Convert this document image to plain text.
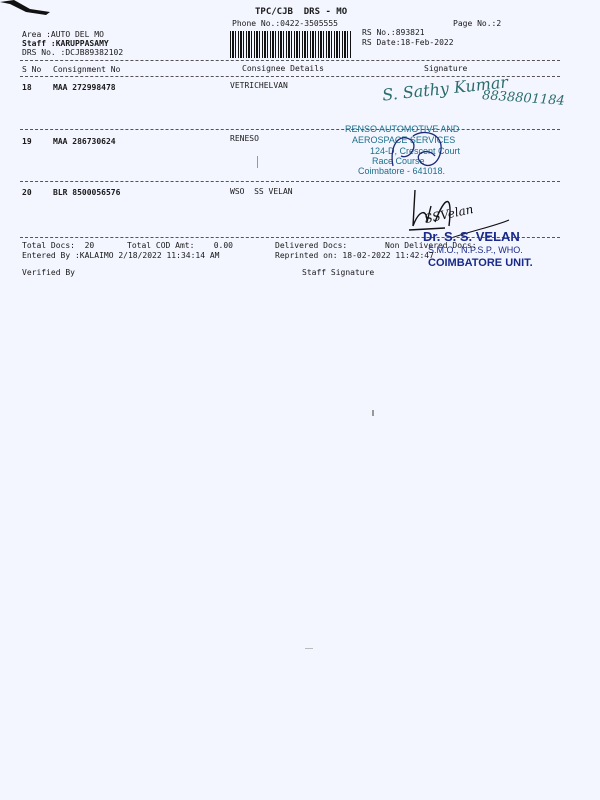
TPC/CJB  DRS - MO
Phone No.:0422-3505555	Page No.:2
Area :AUTO DEL MO
Staff :KARUPPASAMY
DRS No. :DCJB89382102
RS No.:893821
RS Date:18-Feb-2022
S No Consignment No	Consignee Details	Signature
18	MAA 272998478	VETRICHELVAN	S. Sathy Kumar
8838801184
19	MAA 286730624	RENESO
RENSO AUTOMOTIVE AND
AEROSPACE SERVICES
124-D, Crescent Court
Race Course
Coimbatore - 641018.
20	BLR 8500056576	WSO  SS VELAN
SSVelan
Dr. S. S. VELAN
S.M.O., N.P.S.P., WHO.
COIMBATORE UNIT.
Total Docs:  20	Total COD Amt:    0.00	Delivered Docs:	Non Delivered Docs:
Entered By :KALAIMO 2/18/2022 11:34:14 AM	Reprinted on: 18-02-2022 11:42:47
Verified By	Staff Signature
